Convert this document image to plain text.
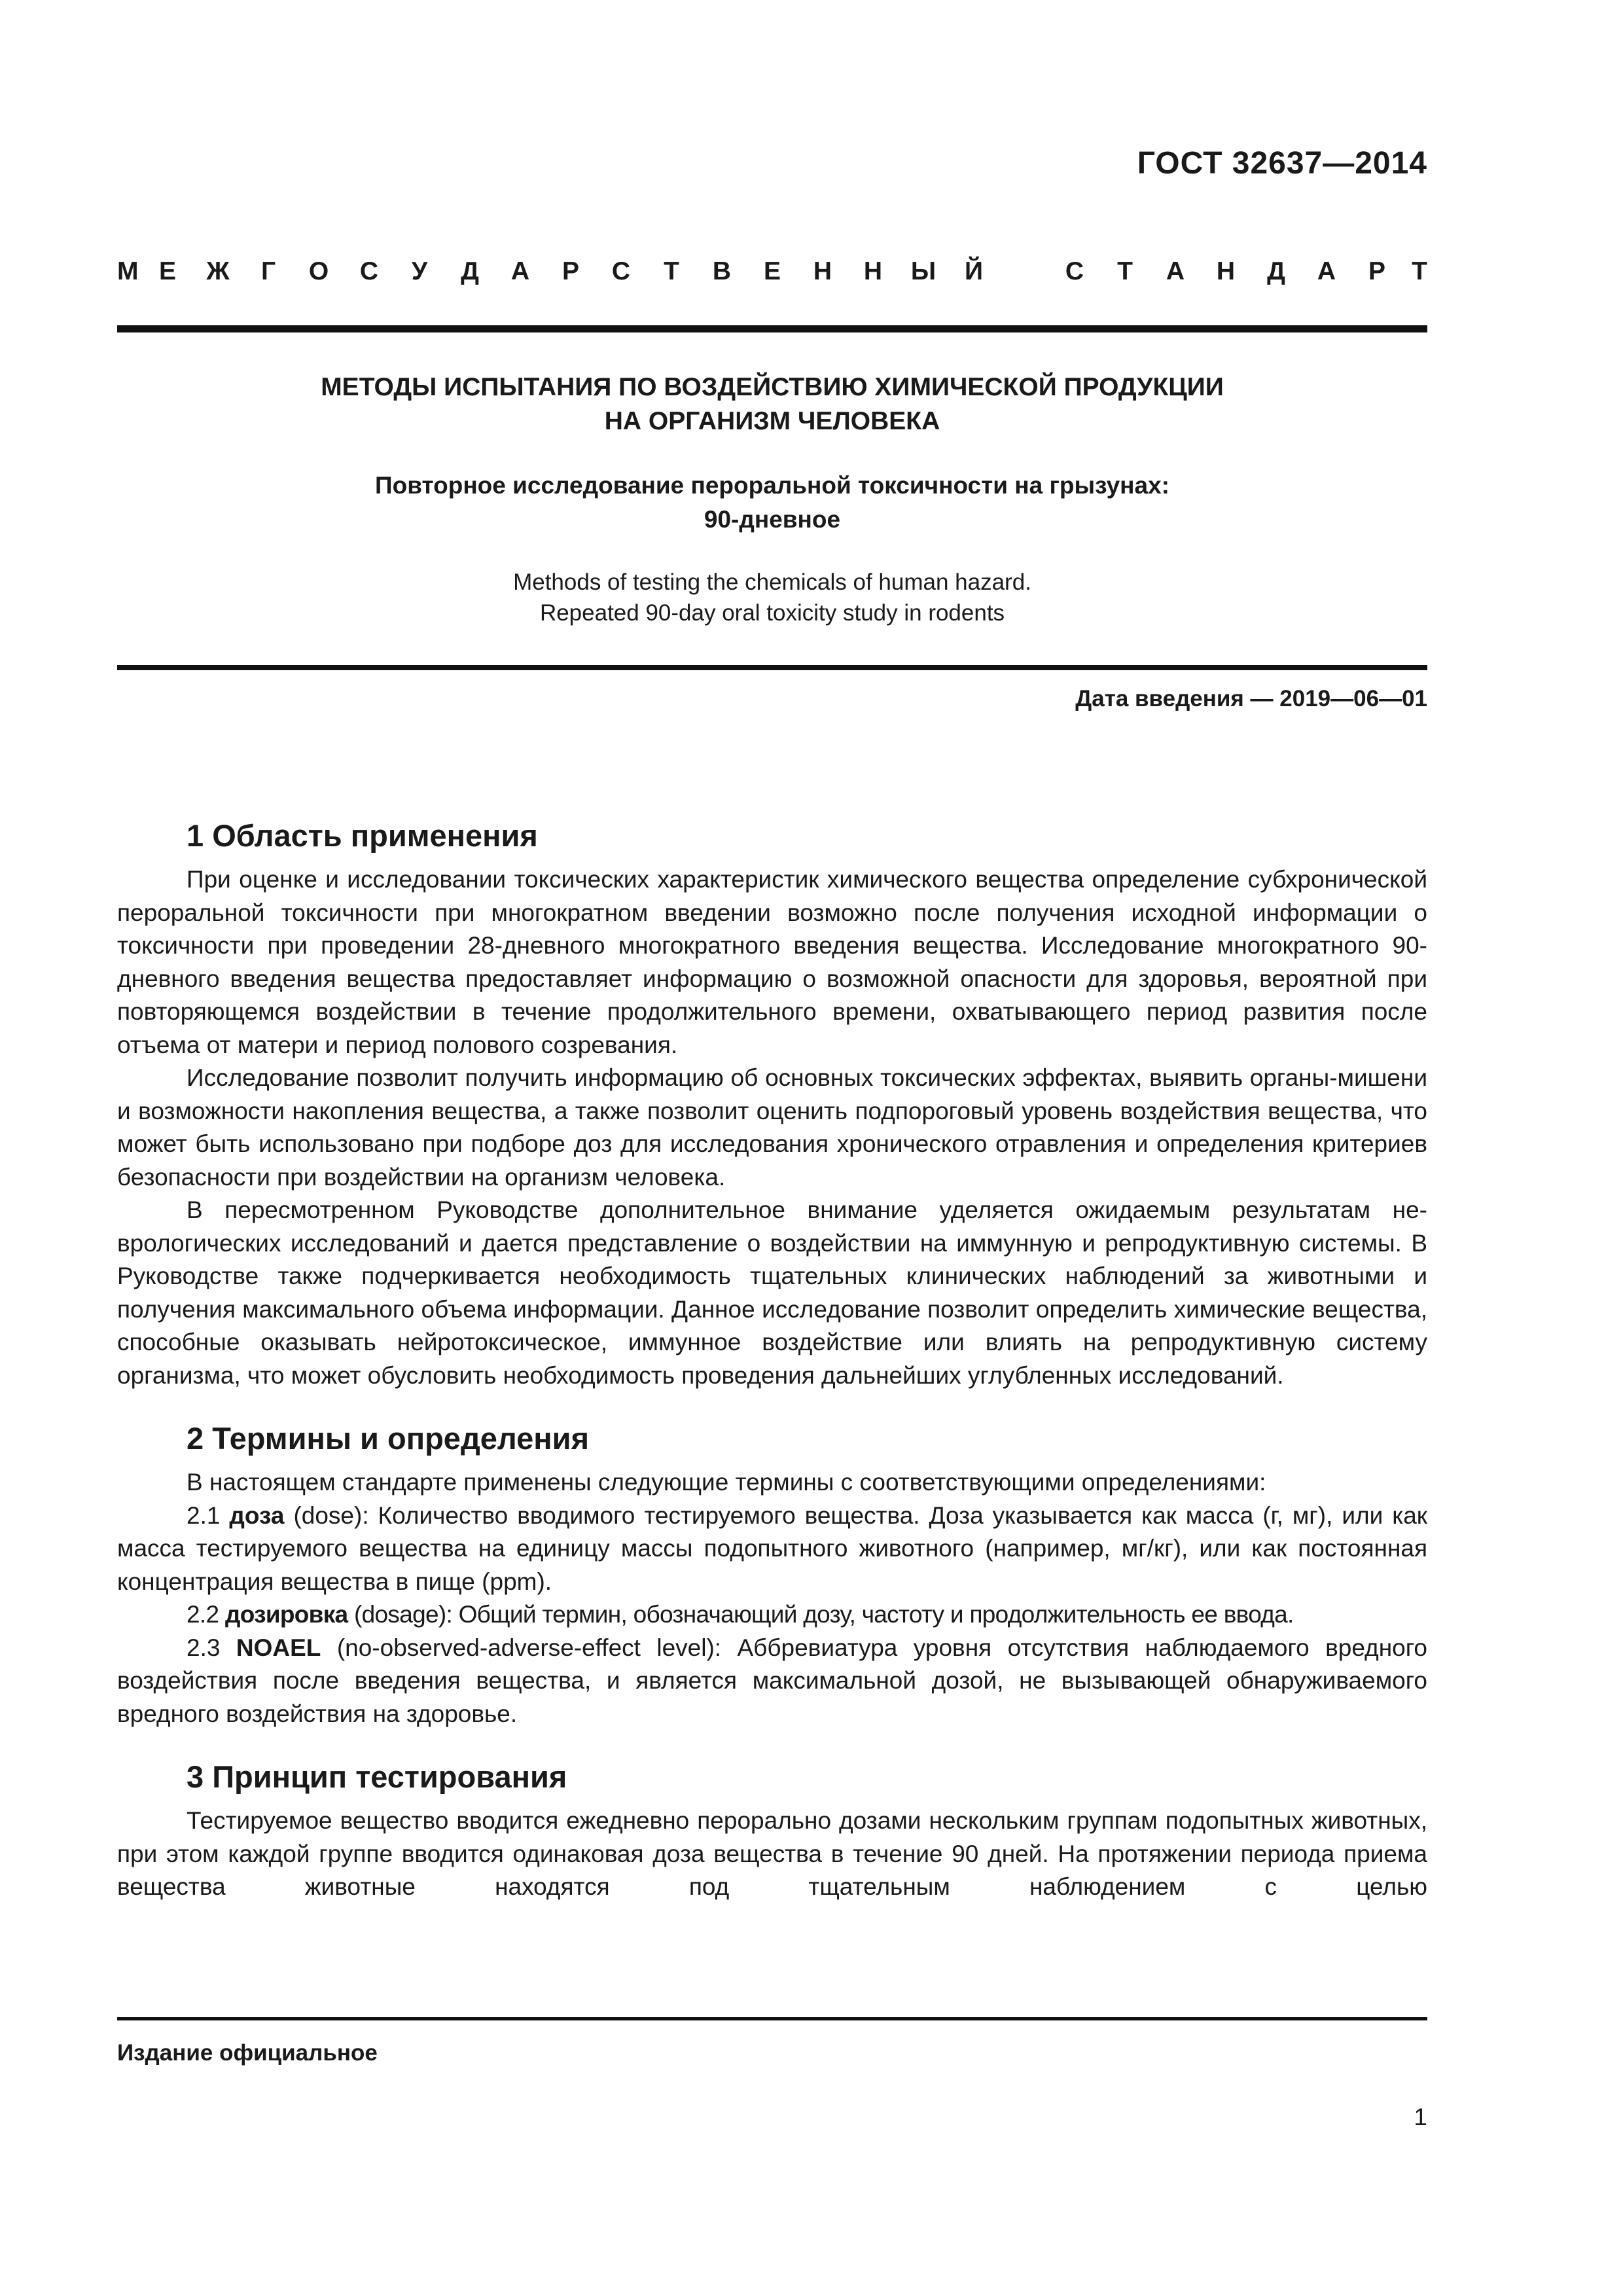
ГОСТ 32637—2014
М Е Ж Г О С У Д А Р С Т В Е Н Н Ы Й	С Т А Н Д А Р Т
МЕТОДЫ ИСПЫТАНИЯ ПО ВОЗДЕЙСТВИЮ ХИМИЧЕСКОЙ ПРОДУКЦИИ
НА ОРГАНИЗМ ЧЕЛОВЕКА
Повторное исследование пероральной токсичности на грызунах:
90-дневное
Methods of testing the chemicals of human hazard.
Repeated 90-day oral toxicity study in rodents
Дата введения — 2019—06—01
1 Область применения

При оценке и исследовании токсических характеристик химического вещества определение субхронической пероральной токсичности при многократном введении возможно после получения исходной информации о токсичности при проведении 28-дневного многократного введения вещества. Исследование многократного 90-дневного введения вещества предоставляет информацию о возможной опасности для здоровья, вероятной при повторяющемся воздействии в течение продолжительного времени, охватывающего период развития после отъема от матери и период полового созревания.

Исследование позволит получить информацию об основных токсических эффектах, выявить органы-мишени и возможности накопления вещества, а также позволит оценить подпороговый уровень воздействия вещества, что может быть использовано при подборе доз для исследования хронического отравления и определения критериев безопасности при воздействии на организм человека.

В пересмотренном Руководстве дополнительное внимание уделяется ожидаемым результатам неврологических исследований и дается представление о воздействии на иммунную и репродуктивную системы. В Руководстве также подчеркивается необходимость тщательных клинических наблюдений за животными и получения максимального объема информации. Данное исследование позволит определить химические вещества, способные оказывать нейротоксическое, иммунное воздействие или влиять на репродуктивную систему организма, что может обусловить необходимость проведения дальнейших углубленных исследований.

2 Термины и определения

В настоящем стандарте применены следующие термины с соответствующими определениями:

2.1 доза (dose): Количество вводимого тестируемого вещества. Доза указывается как масса (г, мг), или как масса тестируемого вещества на единицу массы подопытного животного (например, мг/кг), или как постоянная концентрация вещества в пище (ppm).

2.2 дозировка (dosage): Общий термин, обозначающий дозу, частоту и продолжительность ее ввода.

2.3 NOAEL (no-observed-adverse-effect level): Аббревиатура уровня отсутствия наблюдаемого вредного воздействия после введения вещества, и является максимальной дозой, не вызывающей обнаруживаемого вредного воздействия на здоровье.

3 Принцип тестирования

Тестируемое вещество вводится ежедневно перорально дозами нескольким группам подопытных животных, при этом каждой группе вводится одинаковая доза вещества в течение 90 дней. На протяжении периода приема вещества животные находятся под тщательным наблюдением с целью

Издание официальное
1
